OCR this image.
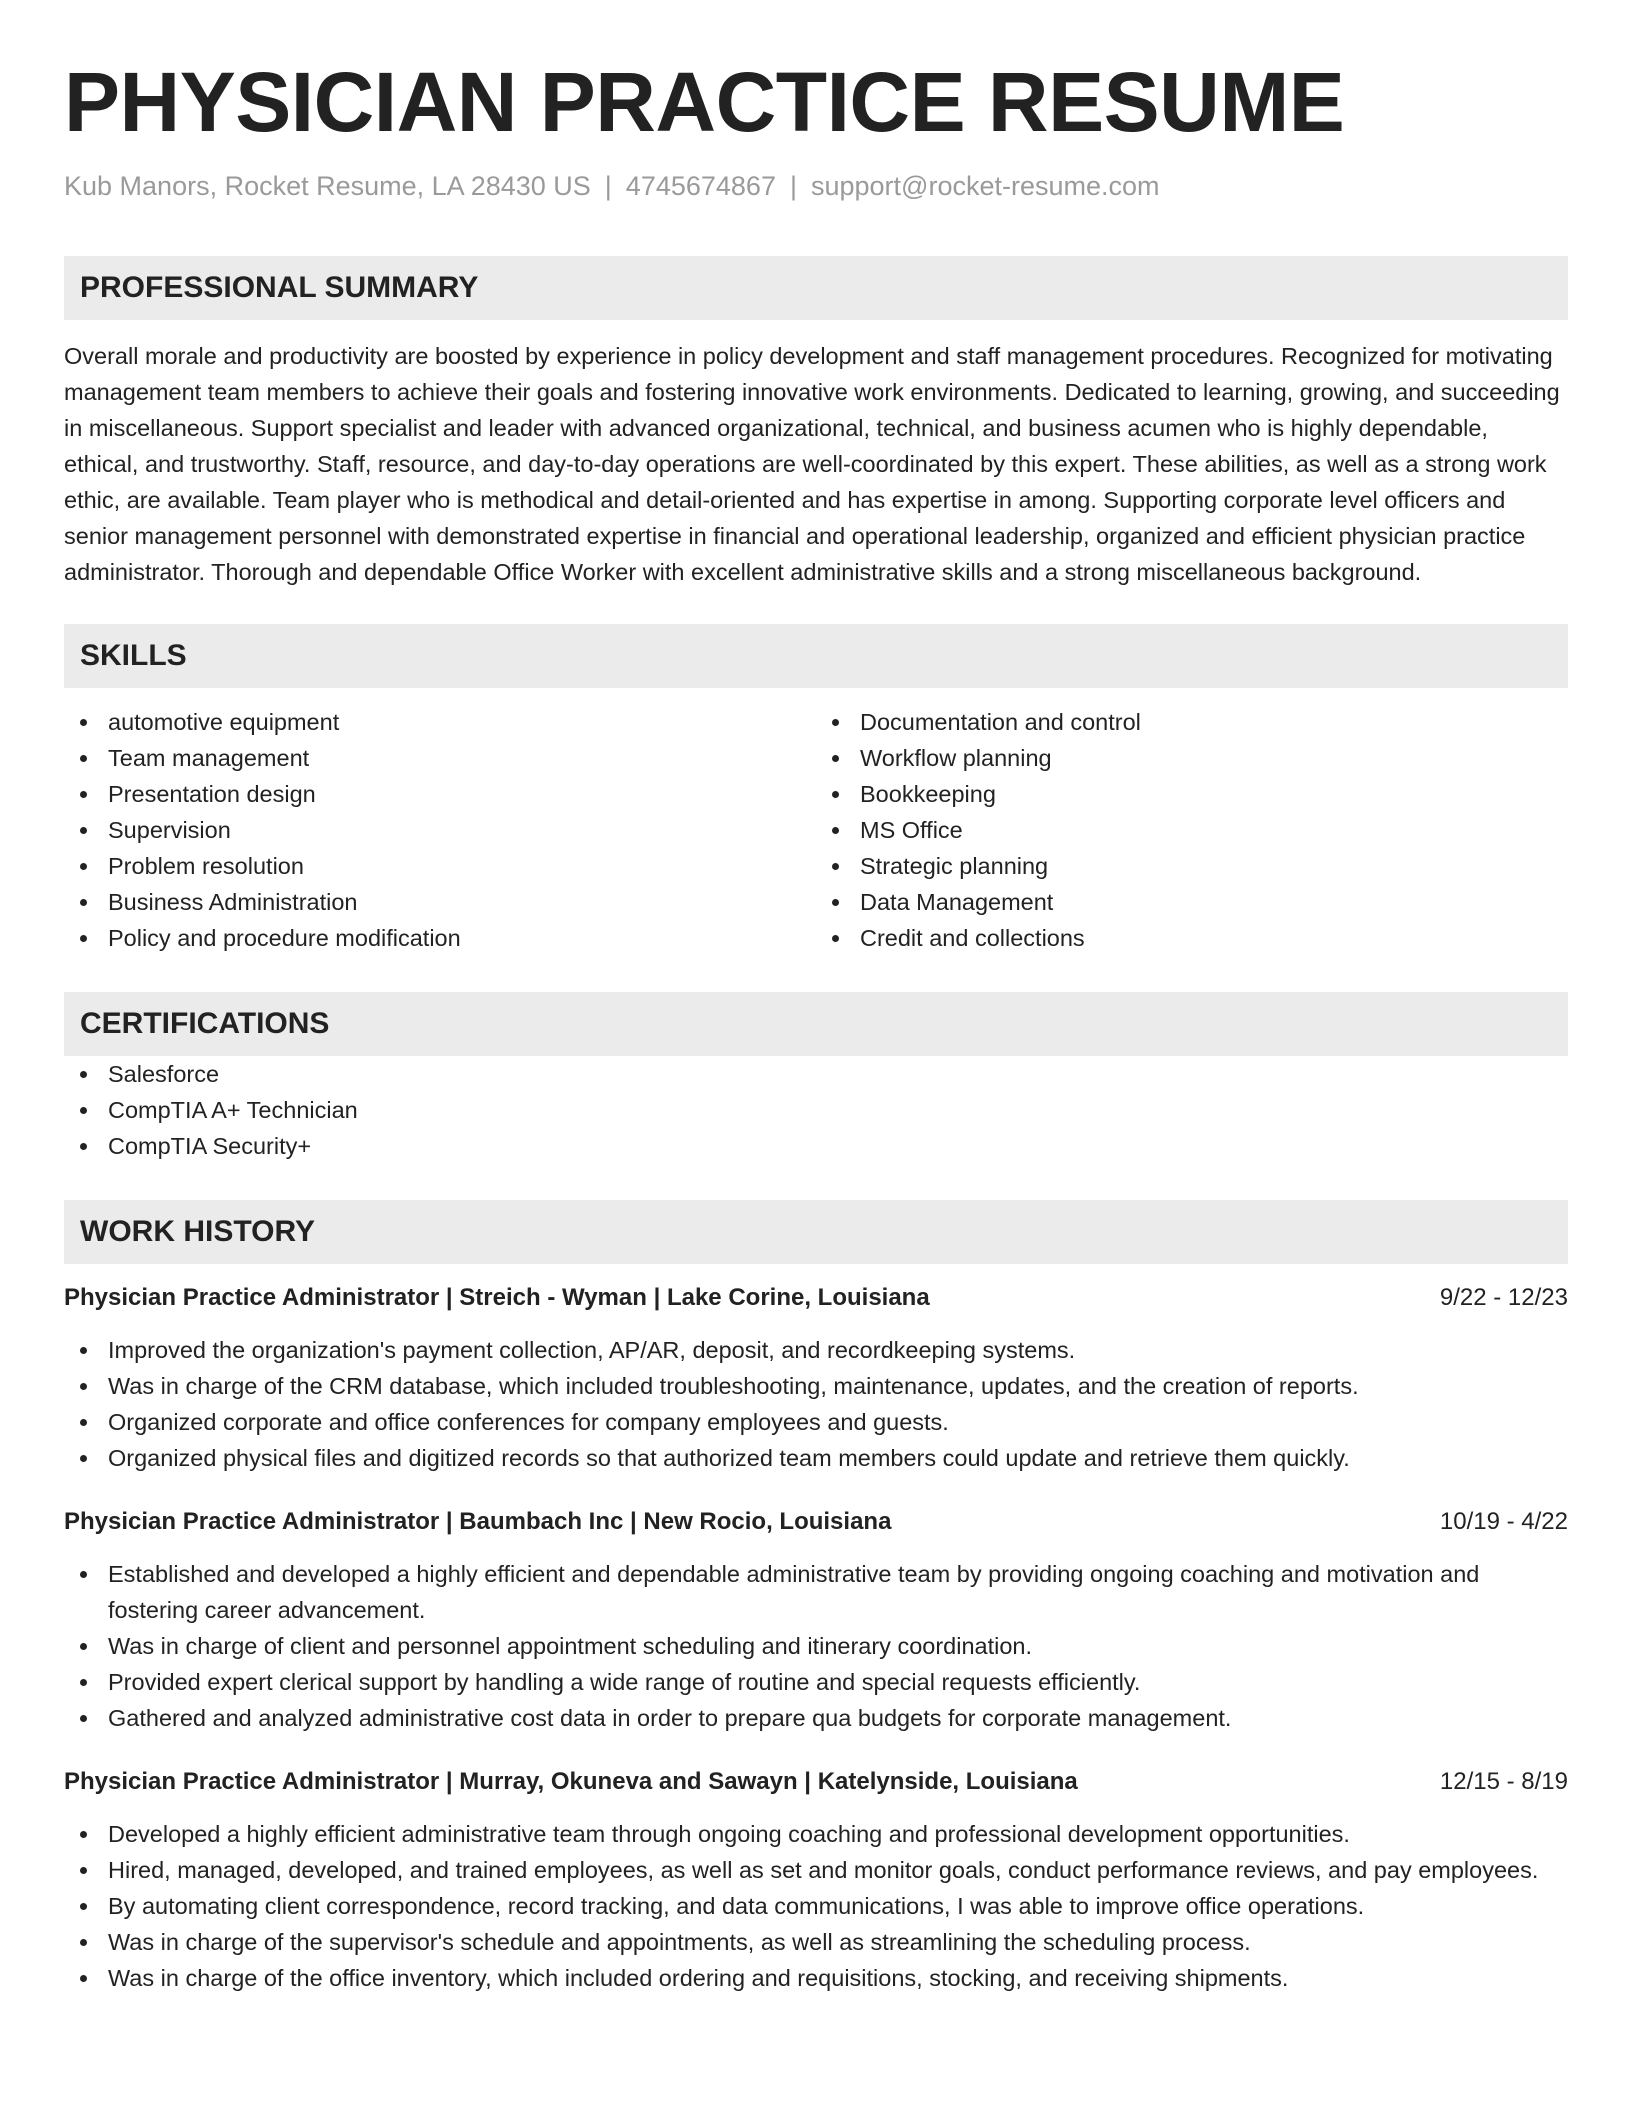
PHYSICIAN PRACTICE RESUME
Kub Manors, Rocket Resume, LA 28430 US | 4745674867 | support@rocket-resume.com
PROFESSIONAL SUMMARY
Overall morale and productivity are boosted by experience in policy development and staff management procedures. Recognized for motivating management team members to achieve their goals and fostering innovative work environments. Dedicated to learning, growing, and succeeding in miscellaneous. Support specialist and leader with advanced organizational, technical, and business acumen who is highly dependable, ethical, and trustworthy. Staff, resource, and day-to-day operations are well-coordinated by this expert. These abilities, as well as a strong work ethic, are available. Team player who is methodical and detail-oriented and has expertise in among. Supporting corporate level officers and senior management personnel with demonstrated expertise in financial and operational leadership, organized and efficient physician practice administrator. Thorough and dependable Office Worker with excellent administrative skills and a strong miscellaneous background.
SKILLS
automotive equipment
Team management
Presentation design
Supervision
Problem resolution
Business Administration
Policy and procedure modification
Documentation and control
Workflow planning
Bookkeeping
MS Office
Strategic planning
Data Management
Credit and collections
CERTIFICATIONS
Salesforce
CompTIA A+ Technician
CompTIA Security+
WORK HISTORY
Physician Practice Administrator | Streich - Wyman | Lake Corine, Louisiana	9/22 - 12/23
Improved the organization's payment collection, AP/AR, deposit, and recordkeeping systems.
Was in charge of the CRM database, which included troubleshooting, maintenance, updates, and the creation of reports.
Organized corporate and office conferences for company employees and guests.
Organized physical files and digitized records so that authorized team members could update and retrieve them quickly.
Physician Practice Administrator | Baumbach Inc | New Rocio, Louisiana	10/19 - 4/22
Established and developed a highly efficient and dependable administrative team by providing ongoing coaching and motivation and fostering career advancement.
Was in charge of client and personnel appointment scheduling and itinerary coordination.
Provided expert clerical support by handling a wide range of routine and special requests efficiently.
Gathered and analyzed administrative cost data in order to prepare qua budgets for corporate management.
Physician Practice Administrator | Murray, Okuneva and Sawayn | Katelynside, Louisiana	12/15 - 8/19
Developed a highly efficient administrative team through ongoing coaching and professional development opportunities.
Hired, managed, developed, and trained employees, as well as set and monitor goals, conduct performance reviews, and pay employees.
By automating client correspondence, record tracking, and data communications, I was able to improve office operations.
Was in charge of the supervisor's schedule and appointments, as well as streamlining the scheduling process.
Was in charge of the office inventory, which included ordering and requisitions, stocking, and receiving shipments.
